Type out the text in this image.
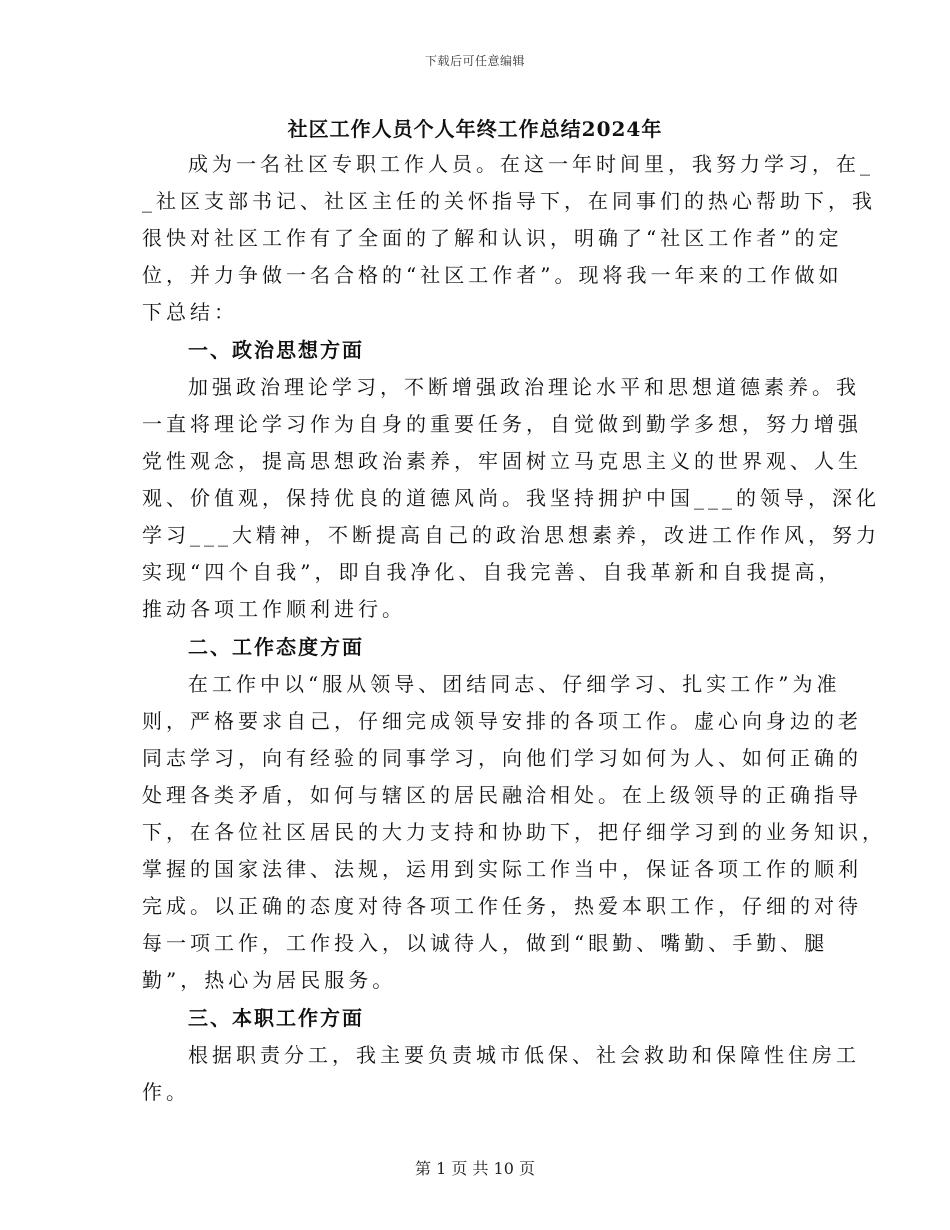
下载后可任意编辑
社区工作人员个人年终工作总结2024年
成为一名社区专职工作人员。在这一年时间里，我努力学习，在_
_社区支部书记、社区主任的关怀指导下，在同事们的热心帮助下，我
很快对社区工作有了全面的了解和认识，明确了“社区工作者”的定
位，并力争做一名合格的“社区工作者”。现将我一年来的工作做如
下总结：
一、政治思想方面
加强政治理论学习，不断增强政治理论水平和思想道德素养。我
一直将理论学习作为自身的重要任务，自觉做到勤学多想，努力增强
党性观念，提高思想政治素养，牢固树立马克思主义的世界观、人生
观、价值观，保持优良的道德风尚。我坚持拥护中国___的领导，深化
学习___大精神，不断提高自己的政治思想素养，改进工作作风，努力
实现“四个自我”，即自我净化、自我完善、自我革新和自我提高，
推动各项工作顺利进行。
二、工作态度方面
在工作中以“服从领导、团结同志、仔细学习、扎实工作”为准
则，严格要求自己，仔细完成领导安排的各项工作。虚心向身边的老
同志学习，向有经验的同事学习，向他们学习如何为人、如何正确的
处理各类矛盾，如何与辖区的居民融洽相处。在上级领导的正确指导
下，在各位社区居民的大力支持和协助下，把仔细学习到的业务知识，
掌握的国家法律、法规，运用到实际工作当中，保证各项工作的顺利
完成。以正确的态度对待各项工作任务，热爱本职工作，仔细的对待
每一项工作，工作投入，以诚待人，做到“眼勤、嘴勤、手勤、腿
勤”，热心为居民服务。
三、本职工作方面
根据职责分工，我主要负责城市低保、社会救助和保障性住房工
作。
第 1 页 共 10 页
